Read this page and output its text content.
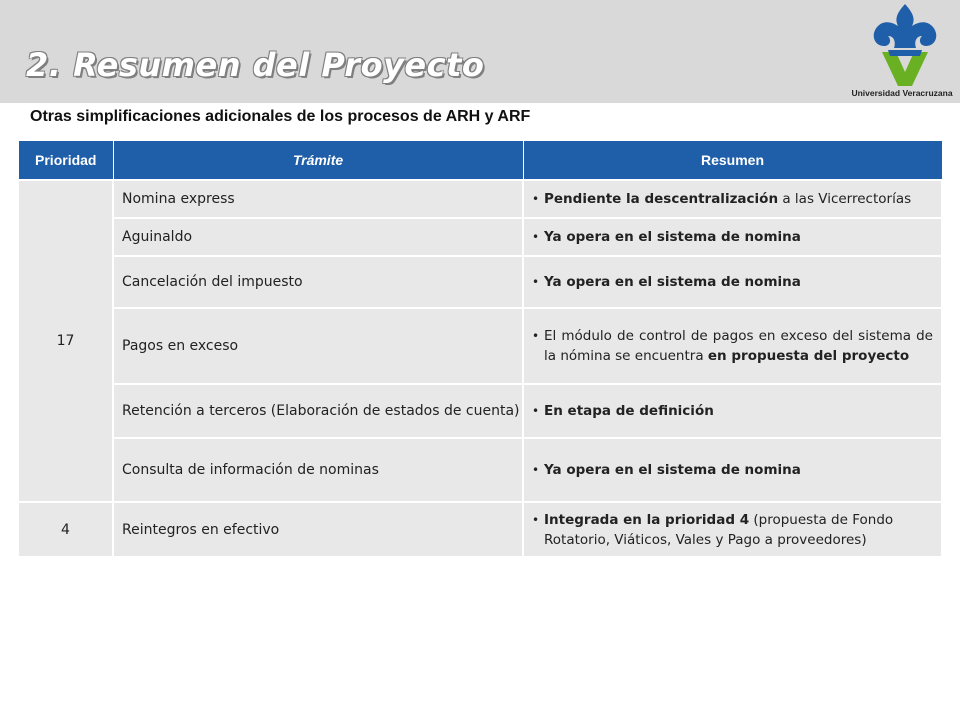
2. Resumen del Proyecto
Universidad Veracruzana
Otras simplificaciones adicionales de los procesos de ARH y ARF
Prioridad	Trámite	Resumen
17	Nomina express	• Pendiente la descentralización a las Vicerrectorías

	Aguinaldo	• Ya opera en el sistema de nomina

	Cancelación del impuesto	• Ya opera en el sistema de nomina

	Pagos en exceso	• El módulo de control de pagos en exceso del sistema de la nómina se encuentra en propuesta del proyecto

	Retención a terceros (Elaboración de estados de cuenta)	• En etapa de definición

	Consulta de información de nominas	• Ya opera en el sistema de nomina

4	Reintegros en efectivo	• Integrada en la prioridad 4 (propuesta de Fondo Rotatorio, Viáticos, Vales y Pago a proveedores)
